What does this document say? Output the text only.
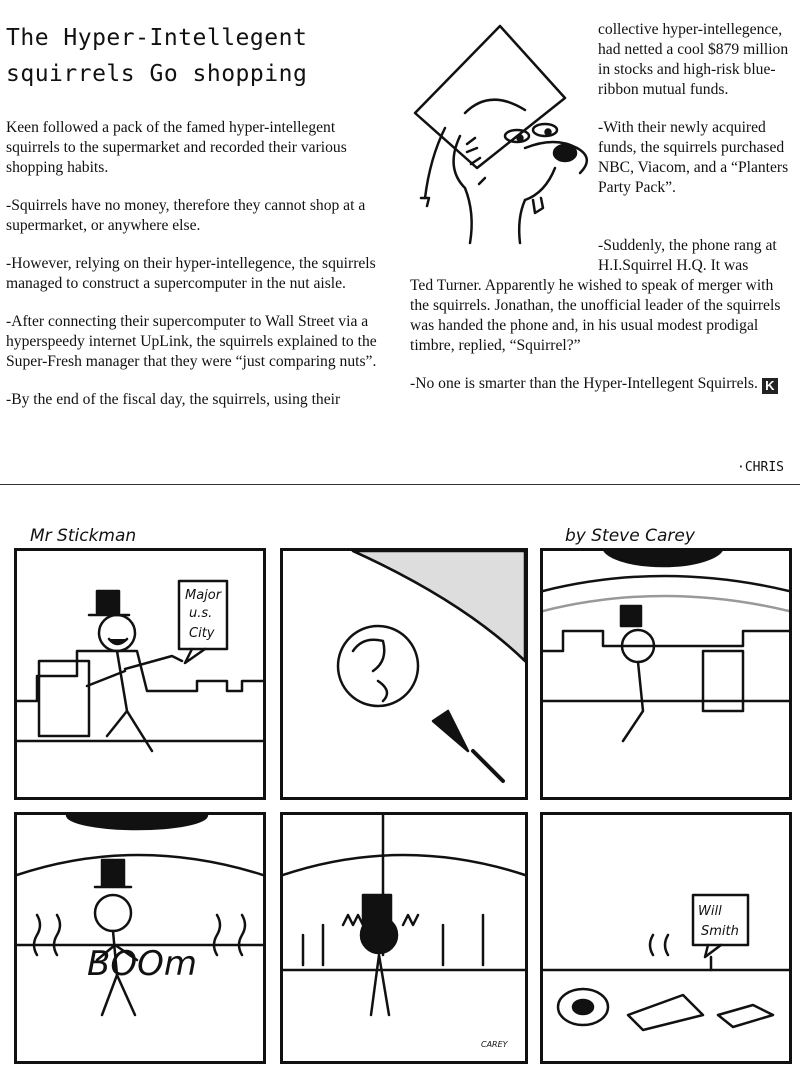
The Hyper-Intellegent
squirrels Go shopping

Keen followed a pack of the famed hyper-intellegent squirrels to the supermarket and recorded their various shopping habits.

-Squirrels have no money, therefore they cannot shop at a supermarket, or anywhere else.

-However, relying on their hyper-intellegence, the squirrels managed to construct a supercomputer in the nut aisle.

-After connecting their supercomputer to Wall Street via a hyperspeedy internet UpLink, the squirrels explained to the Super-Fresh manager that they were “just comparing nuts”.

-By the end of the fiscal day, the squirrels, using their

collective hyper-intellegence, had netted a cool $879 million in stocks and high-risk blue-ribbon mutual funds.

-With their newly acquired funds, the squirrels purchased NBC, Viacom, and a “Planters Party Pack”.

-Suddenly, the phone rang at H.I.Squirrel H.Q. It was

Ted Turner. Apparently he wished to speak of merger with the squirrels. Jonathan, the unofficial leader of the squirrels was handed the phone and, in his usual modest prodigal timbre, replied, “Squirrel?”

-No one is smarter than the Hyper-Intellegent Squirrels. K

·CHRIS
Mr Stickman	by Steve Carey
Major
u.s.
City
BOOm
CAREY
Will
Smith
